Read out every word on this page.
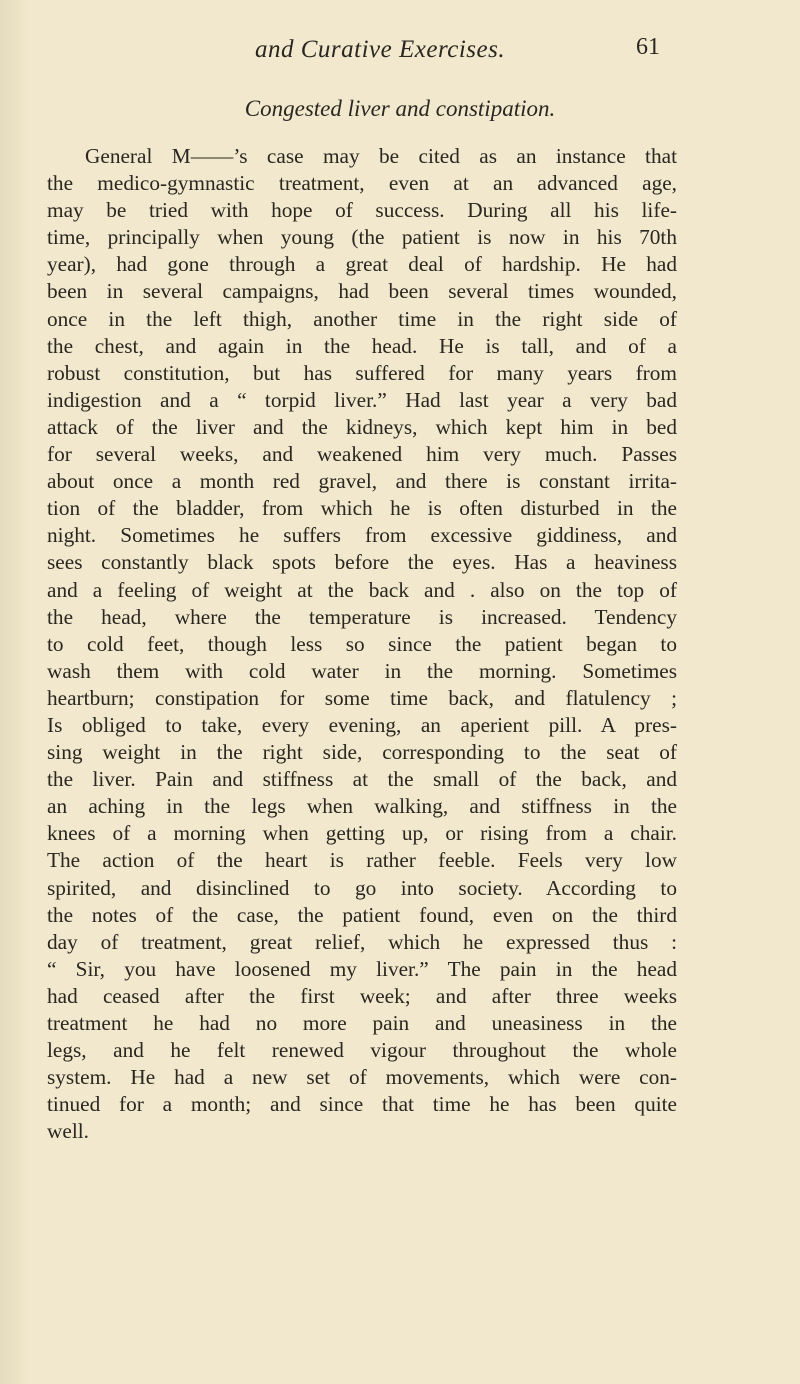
and Curative Exercises.	61
Congested liver and constipation.
General M——’s case may be cited as an instance that
the medico-gymnastic treatment, even at an advanced age,
may be tried with hope of success. During all his life-
time, principally when young (the patient is now in his 70th
year), had gone through a great deal of hardship. He had
been in several campaigns, had been several times wounded,
once in the left thigh, another time in the right side of
the chest, and again in the head. He is tall, and of a
robust constitution, but has suffered for many years from
indigestion and a “ torpid liver.” Had last year a very bad
attack of the liver and the kidneys, which kept him in bed
for several weeks, and weakened him very much. Passes
about once a month red gravel, and there is constant irrita-
tion of the bladder, from which he is often disturbed in the
night. Sometimes he suffers from excessive giddiness, and
sees constantly black spots before the eyes. Has a heaviness
and a feeling of weight at the back and . also on the top of
the head, where the temperature is increased. Tendency
to cold feet, though less so since the patient began to
wash them with cold water in the morning. Sometimes
heartburn; constipation for some time back, and flatulency ;
Is obliged to take, every evening, an aperient pill. A pres-
sing weight in the right side, corresponding to the seat of
the liver. Pain and stiffness at the small of the back, and
an aching in the legs when walking, and stiffness in the
knees of a morning when getting up, or rising from a chair.
The action of the heart is rather feeble. Feels very low
spirited, and disinclined to go into society. According to
the notes of the case, the patient found, even on the third
day of treatment, great relief, which he expressed thus :
“ Sir, you have loosened my liver.” The pain in the head
had ceased after the first week; and after three weeks
treatment he had no more pain and uneasiness in the
legs, and he felt renewed vigour throughout the whole
system. He had a new set of movements, which were con-
tinued for a month; and since that time he has been quite
well.
